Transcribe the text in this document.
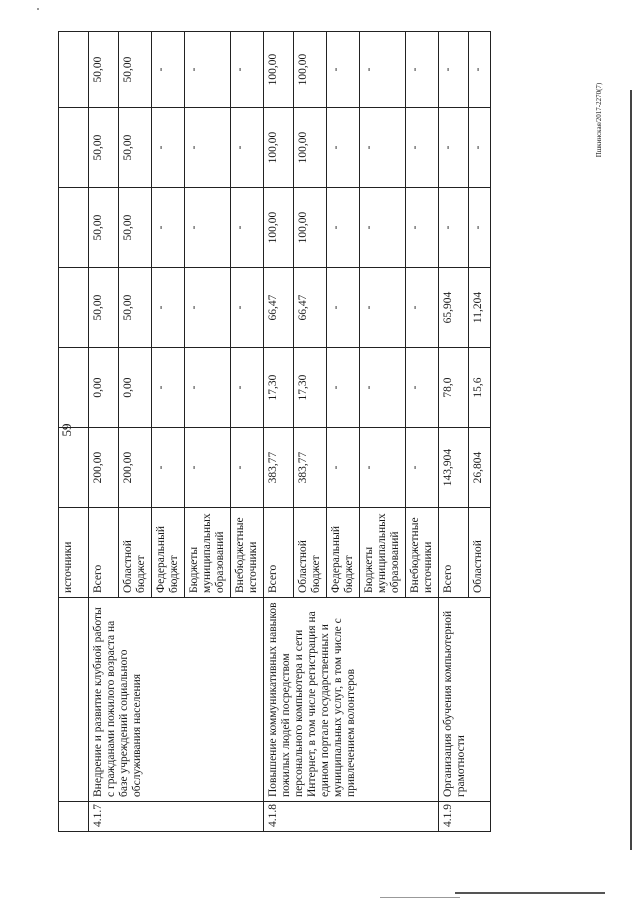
59
Пшкинская/2017-2270(7)
		источники						
4.1.7	Внедрение и развитие клубной работы с гражданами пожилого возраста на базе учреждений социального обслуживания населения	Всего	200,00	0,00	50,00	50,00	50,00	50,00
		Областной бюджет	200,00	0,00	50,00	50,00	50,00	50,00
		Федеральный бюджет	-	-	-	-	-	-
		Бюджеты муниципальных образований	-	-	-	-	-	-
		Внебюджетные источники	-	-	-	-	-	-
4.1.8	Повышение коммуникативных навыков пожилых людей посредством персонального компьютера и сети Интернет, в том числе регистрация на едином портале государственных и муниципальных услуг, в том числе с привлечением волонтеров	Всего	383,77	17,30	66,47	100,00	100,00	100,00
		Областной бюджет	383,77	17,30	66,47	100,00	100,00	100,00
		Федеральный бюджет	-	-	-	-	-	-
		Бюджеты муниципальных образований	-	-	-	-	-	-
		Внебюджетные источники	-	-	-	-	-	-
4.1.9	Организация обучения компьютерной грамотности	Всего	143,904	78,0	65,904	-	-	-
		Областной	26,804	15,6	11,204	-	-	-
